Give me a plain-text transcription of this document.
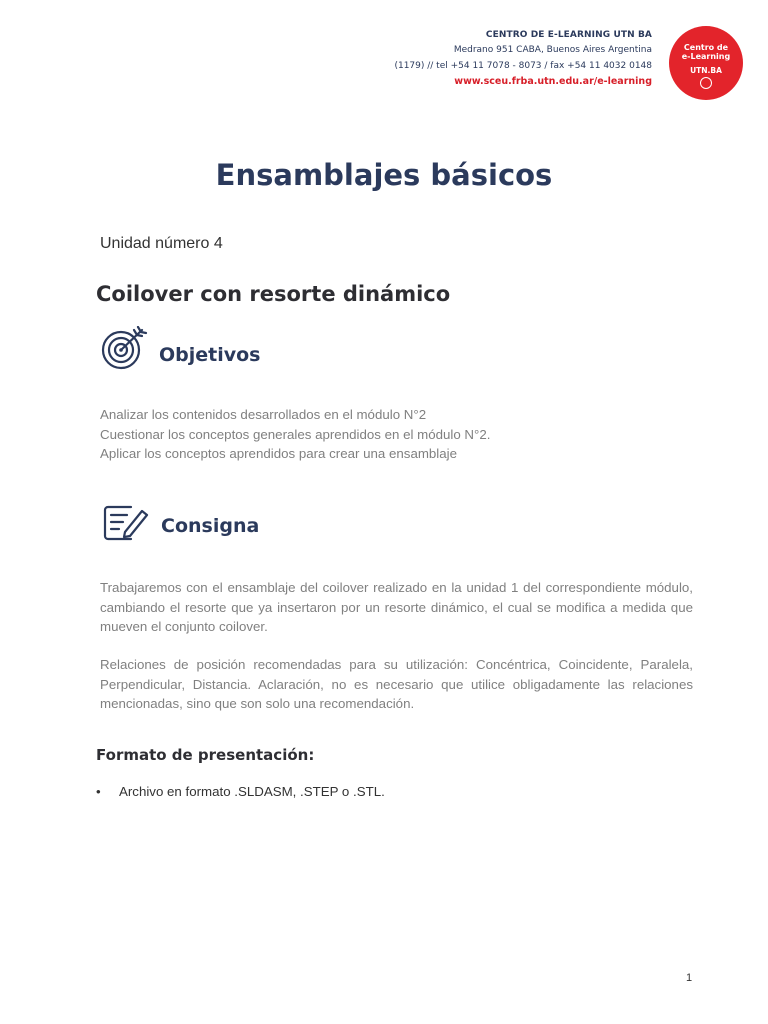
CENTRO DE E-LEARNING UTN BA
Medrano 951 CABA, Buenos Aires Argentina
(1179) // tel +54 11 7078 - 8073 / fax +54 11 4032 0148
www.sceu.frba.utn.edu.ar/e-learning
Centro de
e-Learning
UTN.BA
Ensamblajes básicos
Unidad número 4
Coilover con resorte dinámico
Objetivos
Analizar los contenidos desarrollados en el módulo N°2
Cuestionar los conceptos generales aprendidos en el módulo N°2.
Aplicar los conceptos aprendidos para crear una ensamblaje
Consigna

Trabajaremos con el ensamblaje del coilover realizado en la unidad 1 del correspondiente módulo, cambiando el resorte que ya insertaron por un resorte dinámico, el cual se modifica a medida que mueven el conjunto coilover.

Relaciones de posición recomendadas para su utilización: Concéntrica, Coincidente, Paralela, Perpendicular, Distancia. Aclaración, no es necesario que utilice obligadamente las relaciones mencionadas, sino que son solo una recomendación.

Formato de presentación:
• Archivo en formato .SLDASM, .STEP o .STL.
1
